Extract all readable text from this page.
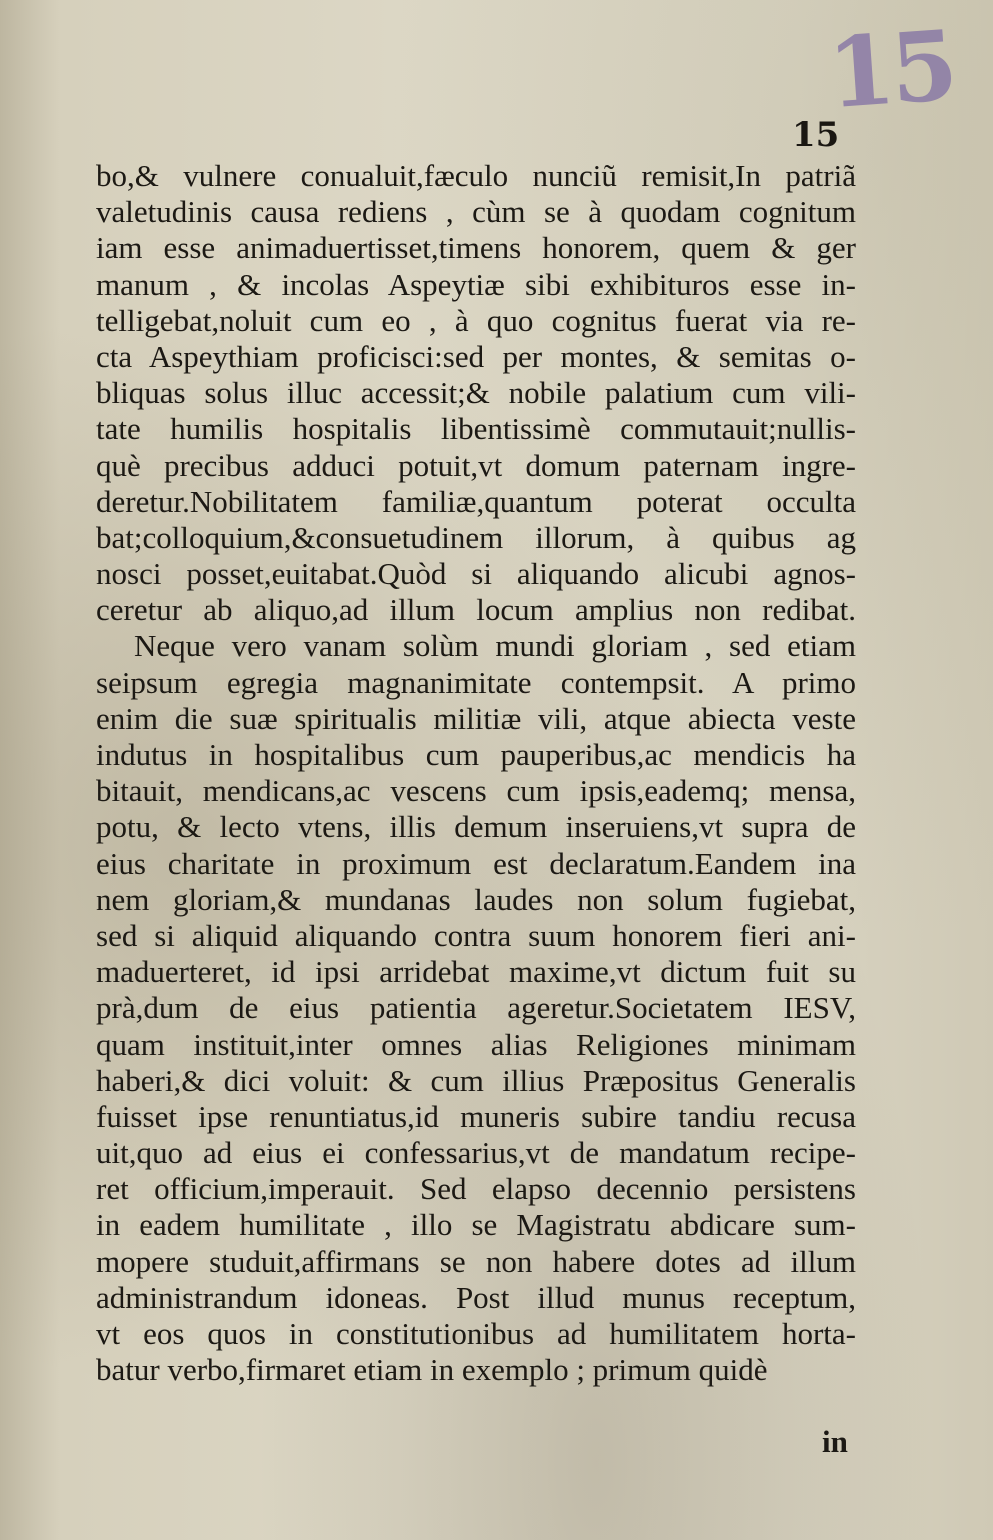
15
15
bo,& vulnere conualuit,fæculo nunciũ remisit,In patriã
valetudinis causa rediens , cùm se à quodam cognitum
iam esse animaduertisset,timens honorem, quem & ger
manum , & incolas Aspeytiæ sibi exhibituros esse in-
telligebat,noluit cum eo , à quo cognitus fuerat via re-
cta Aspeythiam proficisci:sed per montes, & semitas o-
bliquas solus illuc accessit;& nobile palatium cum vili-
tate humilis hospitalis libentissimè commutauit;nullis-
què precibus adduci potuit,vt domum paternam ingre-
deretur.Nobilitatem familiæ,quantum poterat occulta
bat;colloquium,&consuetudinem illorum, à quibus ag
nosci posset,euitabat.Quòd si aliquando alicubi agnos-
ceretur ab aliquo,ad illum locum amplius non redibat.
Neque vero vanam solùm mundi gloriam , sed etiam
seipsum egregia magnanimitate contempsit. A primo
enim die suæ spiritualis militiæ vili, atque abiecta veste
indutus in hospitalibus cum pauperibus,ac mendicis ha
bitauit, mendicans,ac vescens cum ipsis,eademq; mensa,
potu, & lecto vtens, illis demum inseruiens,vt supra de
eius charitate in proximum est declaratum.Eandem ina
nem gloriam,& mundanas laudes non solum fugiebat,
sed si aliquid aliquando contra suum honorem fieri ani-
maduerteret, id ipsi arridebat maxime,vt dictum fuit su
prà,dum de eius patientia ageretur.Societatem IESV,
quam instituit,inter omnes alias Religiones minimam
haberi,& dici voluit: & cum illius Præpositus Generalis
fuisset ipse renuntiatus,id muneris subire tandiu recusa
uit,quo ad eius ei confessarius,vt de mandatum recipe-
ret officium,imperauit. Sed elapso decennio persistens
in eadem humilitate , illo se Magistratu abdicare sum-
mopere studuit,affirmans se non habere dotes ad illum
administrandum idoneas. Post illud munus receptum,
vt eos quos in constitutionibus ad humilitatem horta-
batur verbo,firmaret etiam in exemplo ; primum quidè
in
